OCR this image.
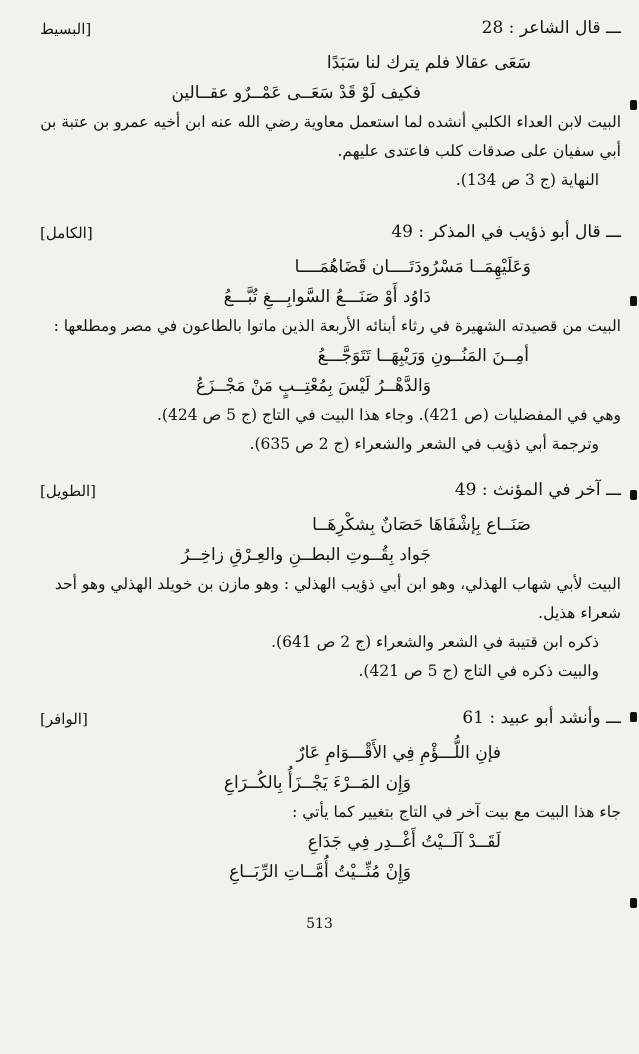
ـــ قال الشاعر : 28
[البسيط
سَعَى عقالا فلم يترك لنا سَبَدًا
فكيف لَوْ قَدْ سَعَــى عَمْــرٌو عقــالين
البيت لابن العداء الكلبي أنشده لما استعمل معاوية رضي الله عنه ابن أخيه عمرو بن عتبة بن
أبي سفيان على صدقات كلب فاعتدى عليهم.
النهاية (ج 3 ص 134).
ـــ قال أبو ذؤيب في المذكر : 49
[الكامل]
وَعَلَيْهِمَــا مَسْرُودَتَــــان قَضَاهُمَــــا
دَاوُد أَوْ صَنَـــعُ السَّوابِـــغِ تُبَّـــعُ
البيت من قصيدته الشهيرة في رثاء أبنائه الأربعة الذين ماتوا بالطاعون في مصر ومطلعها :
أمِــنَ المَنُــونِ وَرَيْبِهَــا تَتَوَجَّـــعُ
وَالدَّهْــرُ لَيْسَ بِمُعْتِــبٍ مَنْ مَجْــزَعُ
وهي في المفضليات (ص 421). وجاء هذا البيت في التاج (ج 5 ص 424).
وترجمة أبي ذؤيب في الشعر والشعراء (ج 2 ص 635).
ـــ آخر في المؤنث : 49
[الطويل]
صَنَــاع بِإشْفَاهَا حَصَانٌ بِشكْرِهَــا
جَواد بِقُــوتِ البطــنِ والعِـرْقِ زاخِــرُ
البيت لأبي شهاب الهذلي، وهو ابن أبي ذؤيب الهذلي : وهو مازن بن خويلد الهذلي وهو أحد
شعراء هذيل.
ذكره ابن قتيبة في الشعر والشعراء (ج 2 ص 641).
والبيت ذكره في التاج (ج 5 ص 421).
ـــ وأنشد أبو عبيد : 61
[الوافر]
فإنِ اللُّـــؤْمِ فِي الأَقْـــوَامِ عَارٌ
وَإِن المَــرْءَ يَجْــزَأُ بِالكُــرَاعِ
جاء هذا البيت مع بيت آخر في التاج بتغيير كما يأتي :
لَقَــدْ آلَــيْتُ أَغْــدِر فِي جَدَاعِ
وَإِنْ مُنِّــيْتُ أُمَّــاتِ الرِّبَــاعِ
513
